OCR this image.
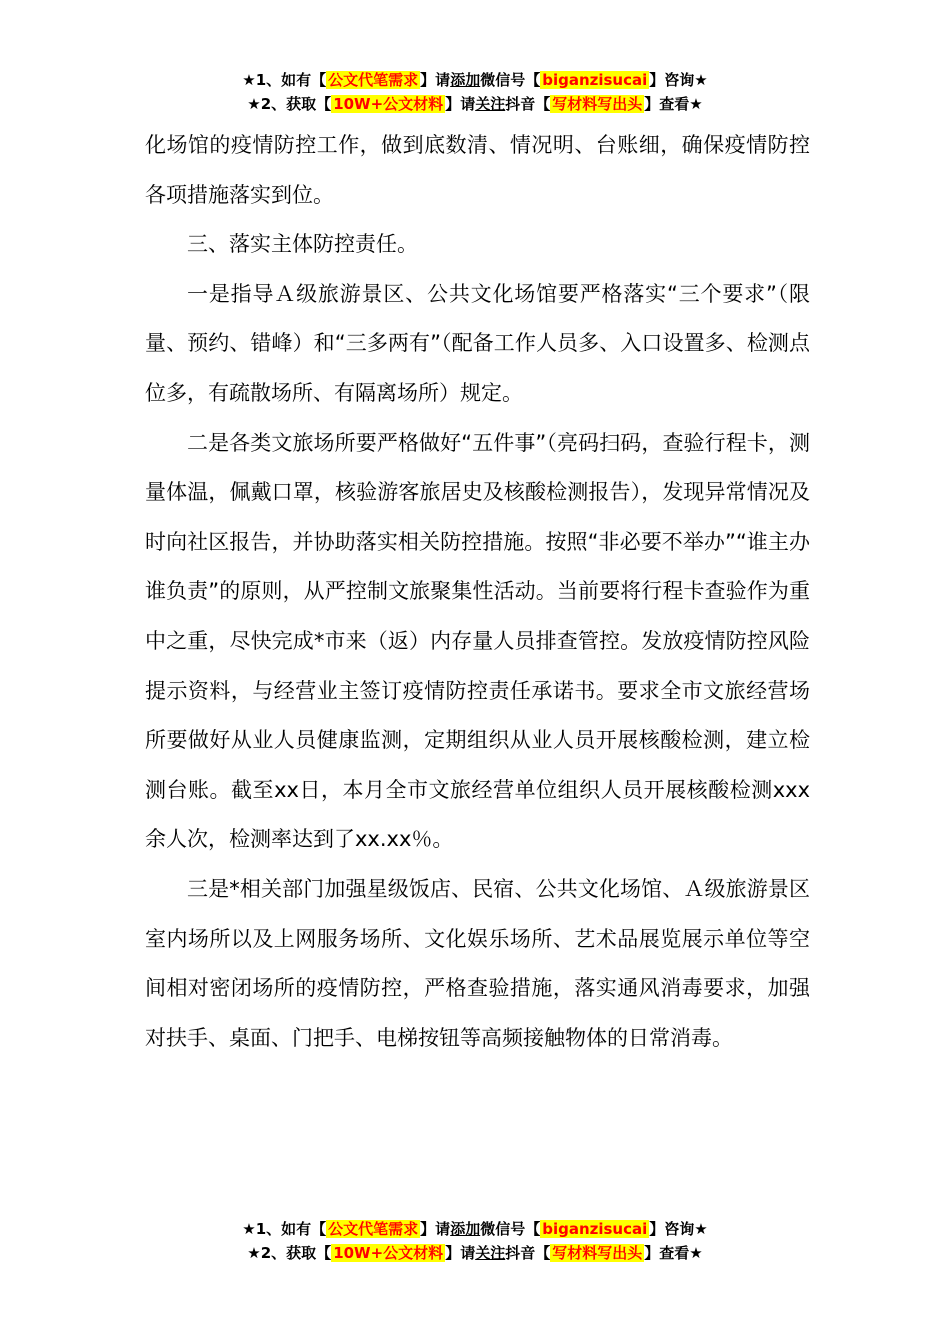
★1、如有【 公文代笔需求 】请添加微信号【 biganzisucai 】咨询★
★2、获取【 10W+公文材料 】请关注抖音【 写材料写出头 】查看★

化场馆的疫情防控工作，做到底数清、情况明、台账细，确保疫情防控各项措施落实到位。

三、落实主体防控责任。

一是指导Ａ级旅游景区、公共文化场馆要严格落实“三个要求”（限量、预约、错峰）和“三多两有”（配备工作人员多、入口设置多、检测点位多，有疏散场所、有隔离场所）规定。

二是各类文旅场所要严格做好“五件事”（亮码扫码，查验行程卡，测量体温，佩戴口罩，核验游客旅居史及核酸检测报告），发现异常情况及时向社区报告，并协助落实相关防控措施。按照“非必要不举办”“谁主办谁负责”的原则，从严控制文旅聚集性活动。当前要将行程卡查验作为重中之重，尽快完成*市来（返）内存量人员排查管控。发放疫情防控风险提示资料，与经营业主签订疫情防控责任承诺书。要求全市文旅经营场所要做好从业人员健康监测，定期组织从业人员开展核酸检测，建立检测台账。截至xx日，本月全市文旅经营单位组织人员开展核酸检测xxx余人次，检测率达到了xx.xx％。

三是*相关部门加强星级饭店、民宿、公共文化场馆、Ａ级旅游景区室内场所以及上网服务场所、文化娱乐场所、艺术品展览展示单位等空间相对密闭场所的疫情防控，严格查验措施，落实通风消毒要求，加强对扶手、桌面、门把手、电梯按钮等高频接触物体的日常消毒。

★1、如有【 公文代笔需求 】请添加微信号【 biganzisucai 】咨询★
★2、获取【 10W+公文材料 】请关注抖音【 写材料写出头 】查看★
